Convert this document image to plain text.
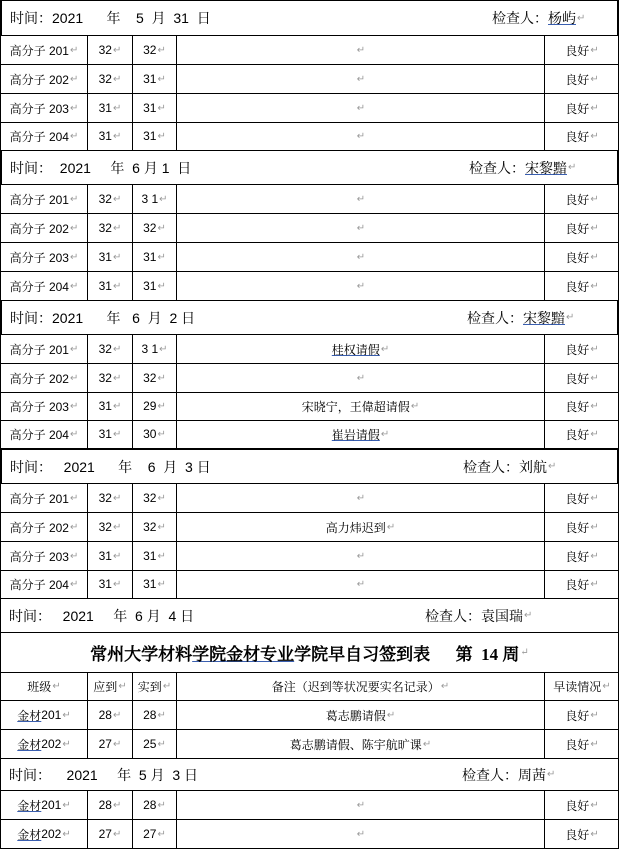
时间：2021      年    5  月  31  日	检查人： 杨屿 ↵
高分子 201 ↵ 32 ↵ 32 ↵	↵	良好 ↵
高分子 202 ↵ 32 ↵ 31 ↵	↵	良好 ↵
高分子 203 ↵ 31 ↵ 31 ↵	↵	良好 ↵
高分子 204 ↵ 31 ↵ 31 ↵	↵	良好 ↵
时间：  2021     年  6 月 1  日	检查人： 宋黎黯 ↵
高分子 201 ↵ 32 ↵ 3 1 ↵	↵	良好 ↵
高分子 202 ↵ 32 ↵ 32 ↵	↵	良好 ↵
高分子 203 ↵ 31 ↵ 31 ↵	↵	良好 ↵
高分子 204 ↵ 31 ↵ 31 ↵	↵	良好 ↵
时间：2021      年   6  月  2 日	检查人： 宋黎黯 ↵
高分子 201 ↵ 32 ↵ 3 1 ↵	桂权请假 ↵	良好 ↵
高分子 202 ↵ 32 ↵ 32 ↵	↵	良好 ↵
高分子 203 ↵ 31 ↵ 29 ↵	宋晓宁，王偉超请假 ↵	良好 ↵
高分子 204 ↵ 31 ↵ 30 ↵	崔岩请假 ↵	良好 ↵
时间：   2021      年    6  月  3 日	检查人： 刘航 ↵
高分子 201 ↵ 32 ↵ 32 ↵	↵	良好 ↵
高分子 202 ↵ 32 ↵ 32 ↵	高力炜迟到 ↵	良好 ↵
高分子 203 ↵ 31 ↵ 31 ↵	↵	良好 ↵
高分子 204 ↵ 31 ↵ 31 ↵	↵	良好 ↵
时间：   2021     年  6 月  4 日	检查人： 袁国瑞 ↵
常州大学材料 学院金材专业 学院早自习签到表      第  14 周 ↵
班级 ↵	应到 ↵ 实到 ↵	备注（迟到等状况要实名记录） ↵	早读情况 ↵
金材 201 ↵ 28 ↵ 28 ↵	葛志鹏请假 ↵	良好 ↵
金材 202 ↵ 27 ↵ 25 ↵	葛志鹏请假、陈宇航旷课 ↵	良好 ↵
时间：    2021     年  5 月  3 日	检查人： 周茜 ↵
金材 201 ↵ 28 ↵ 28 ↵	↵	良好 ↵
金材 202 ↵ 27 ↵ 27 ↵	↵	良好 ↵
